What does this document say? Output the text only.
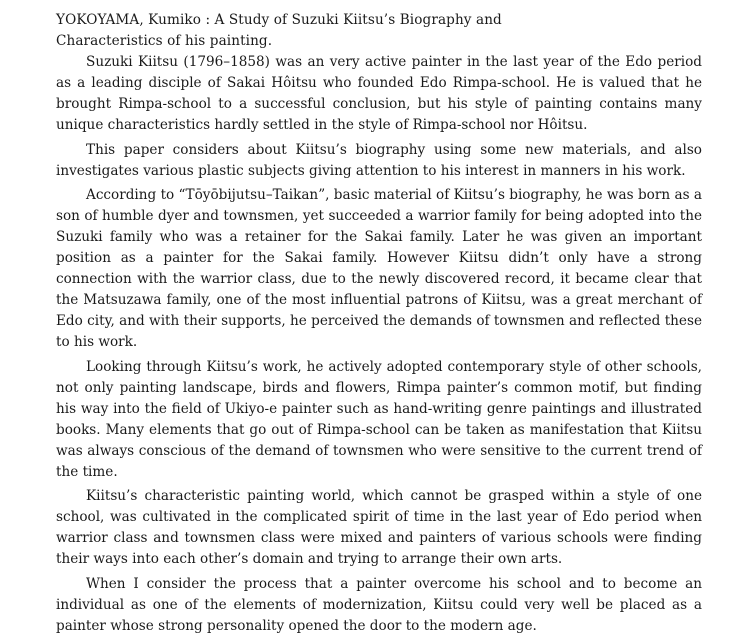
YOKOYAMA, Kumiko : A Study of Suzuki Kiitsu’s Biography and
Characteristics of his painting.

Suzuki Kiitsu (1796–1858) was an very active painter in the last year of the Edo period as a leading disciple of Sakai Hôitsu who founded Edo Rimpa-school. He is valued that he brought Rimpa-school to a successful conclusion, but his style of painting contains many unique characteristics hardly settled in the style of Rimpa-school nor Hôitsu.

This paper considers about Kiitsu’s biography using some new materials, and also investigates various plastic subjects giving attention to his interest in manners in his work.

According to “Tōyōbijutsu–Taikan”, basic material of Kiitsu’s biography, he was born as a son of humble dyer and townsmen, yet succeeded a warrior family for being adopted into the Suzuki family who was a retainer for the Sakai family. Later he was given an important position as a painter for the Sakai family. However Kiitsu didn’t only have a strong connection with the warrior class, due to the newly discovered record, it became clear that the Matsuzawa family, one of the most influential patrons of Kiitsu, was a great merchant of Edo city, and with their supports, he perceived the demands of townsmen and reflected these to his work.

Looking through Kiitsu’s work, he actively adopted contemporary style of other schools, not only painting landscape, birds and flowers, Rimpa painter’s common motif, but finding his way into the field of Ukiyo-e painter such as hand-writing genre paintings and illustrated books. Many elements that go out of Rimpa-school can be taken as manifestation that Kiitsu was always conscious of the demand of townsmen who were sensitive to the current trend of the time.

Kiitsu’s characteristic painting world, which cannot be grasped within a style of one school, was cultivated in the complicated spirit of time in the last year of Edo period when warrior class and townsmen class were mixed and painters of various schools were finding their ways into each other’s domain and trying to arrange their own arts.

When I consider the process that a painter overcome his school and to become an individual as one of the elements of modernization, Kiitsu could very well be placed as a painter whose strong personality opened the door to the modern age.
